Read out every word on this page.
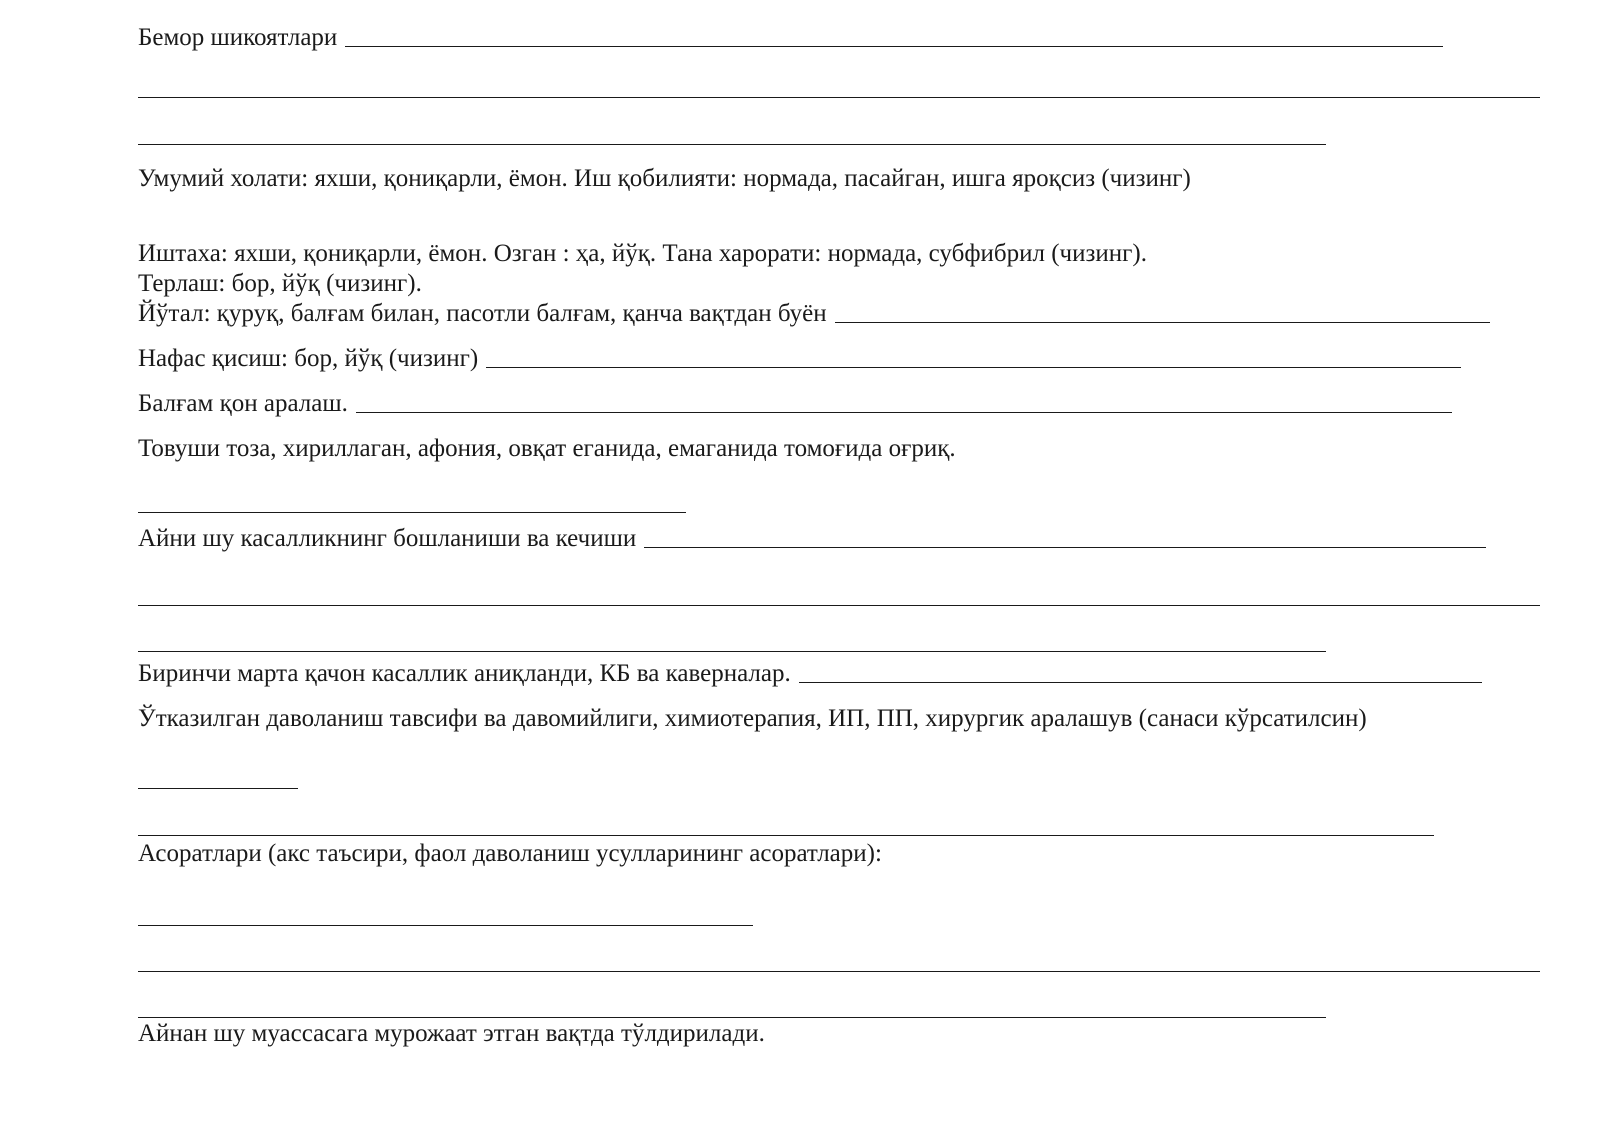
Бемор шикоятлари
Умумий холати: яхши, қониқарли, ёмон. Иш қобилияти: нормада, пасайган, ишга яроқсиз (чизинг)
Иштаха: яхши, қониқарли, ёмон. Озган : ҳа, йўқ. Тана харорати: нормада, субфибрил (чизинг).
Терлаш: бор, йўқ (чизинг).
Йўтал: қуруқ, балғам билан, пасотли балғам, қанча вақтдан буён
Нафас қисиш: бор, йўқ (чизинг)
Балғам қон аралаш.
Товуши тоза, хириллаган, афония, овқат еганида, емаганида томоғида оғриқ.
Айни шу касалликнинг бошланиши ва кечиши
Биринчи марта қачон касаллик аниқланди, КБ ва каверналар.
Ўтказилган даволаниш тавсифи ва давомийлиги, химиотерапия, ИП, ПП, хирургик аралашув (санаси кўрсатилсин)
Асоратлари (акс таъсири, фаол даволаниш усулларининг асоратлари):
Айнан шу муассасага мурожаат этган вақтда тўлдирилади.
